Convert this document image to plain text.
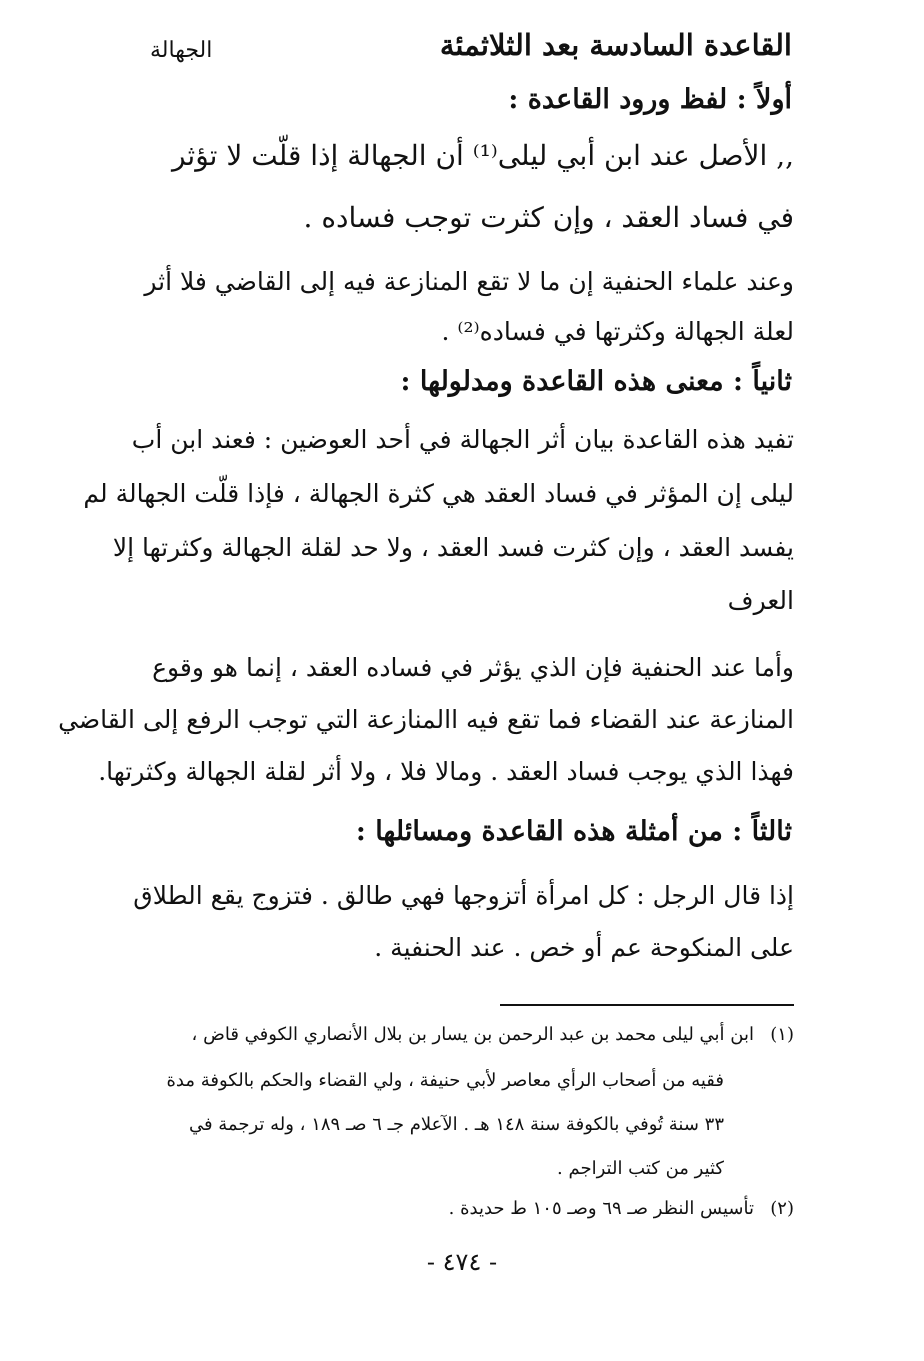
القاعدة السادسة بعد الثلاثمئة
الجهالة
أولاً : لفظ ورود القاعدة :
,, الأصل عند ابن أبي ليلى⁽¹⁾ أن الجهالة إذا قلّت لا تؤثر
في فساد العقد ، وإن كثرت توجب فساده .
وعند علماء الحنفية إن ما لا تقع المنازعة فيه إلى القاضي فلا أثر
لعلة الجهالة وكثرتها في فساده⁽²⁾ .
ثانياً : معنى هذه القاعدة ومدلولها :
تفيد هذه القاعدة بيان أثر الجهالة في أحد العوضين : فعند ابن أب
ليلى إن المؤثر في فساد العقد هي كثرة الجهالة ، فإذا قلّت الجهالة لم
يفسد العقد ، وإن كثرت فسد العقد ، ولا حد لقلة الجهالة وكثرتها إلا
العرف
وأما عند الحنفية فإن الذي يؤثر في فساده العقد ، إنما هو وقوع
المنازعة عند القضاء فما تقع فيه االمنازعة التي توجب الرفع إلى القاضي
فهذا الذي يوجب فساد العقد . ومالا فلا ، ولا أثر لقلة الجهالة وكثرتها.
ثالثاً : من أمثلة هذه القاعدة ومسائلها :
إذا قال الرجل : كل امرأة أتزوجها فهي طالق . فتزوج يقع الطلاق
على المنكوحة عم أو خص . عند الحنفية .
(١)ابن أبي ليلى محمد بن عبد الرحمن بن يسار بن بلال الأنصاري الكوفي قاض ،
فقيه من أصحاب الرأي معاصر لأبي حنيفة ، ولي القضاء والحكم بالكوفة مدة
٣٣ سنة تُوفي بالكوفة سنة ١٤٨ هـ . الآعلام جـ ٦ صـ ١٨٩ ، وله ترجمة في
كثير من كتب التراجم .
(٢)تأسيس النظر صـ ٦٩ وصـ ١٠٥ ط حديدة .
- ٤٧٤ -
